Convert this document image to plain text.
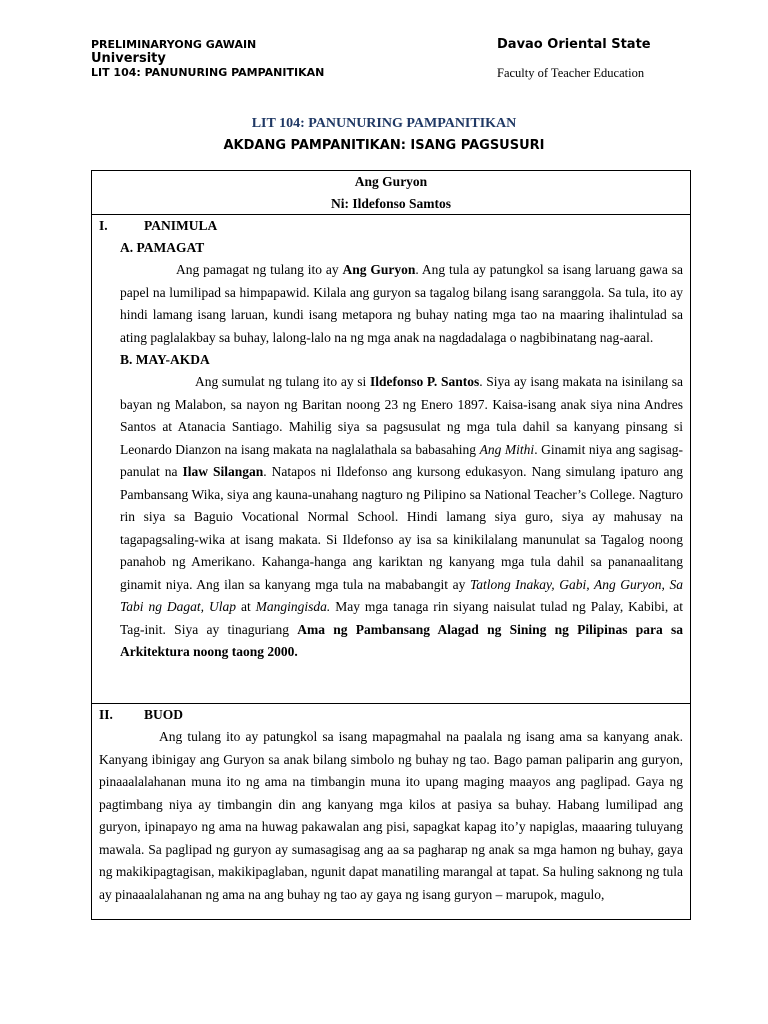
PRELIMINARYONG GAWAIN
University
LIT 104: PANUNURING PAMPANITIKAN
Davao Oriental State
Faculty of Teacher Education
LIT 104: PANUNURING PAMPANITIKAN
AKDANG PAMPANITIKAN: ISANG PAGSUSURI
Ang Guryon
Ni: Ildefonso Samtos
I.	PANIMULA
A. PAMAGAT
Ang pamagat ng tulang ito ay Ang Guryon. Ang tula ay patungkol sa isang laruang gawa sa papel na lumilipad sa himpapawid. Kilala ang guryon sa tagalog bilang isang saranggola. Sa tula, ito ay hindi lamang isang laruan, kundi isang metapora ng buhay nating mga tao na maaring ihalintulad sa ating paglalakbay sa buhay, lalong-lalo na ng mga anak na nagdadalaga o nagbibinatang nag-aaral.
B. MAY-AKDA
Ang sumulat ng tulang ito ay si Ildefonso P. Santos. Siya ay isang makata na isinilang sa bayan ng Malabon, sa nayon ng Baritan noong 23 ng Enero 1897. Kaisa-isang anak siya nina Andres Santos at Atanacia Santiago. Mahilig siya sa pagsusulat ng mga tula dahil sa kanyang pinsang si Leonardo Dianzon na isang makata na naglalathala sa babasahing Ang Mithi. Ginamit niya ang sagisag-panulat na Ilaw Silangan. Natapos ni Ildefonso ang kursong edukasyon. Nang simulang ipaturo ang Pambansang Wika, siya ang kauna-unahang nagturo ng Pilipino sa National Teacher’s College. Nagturo rin siya sa Baguio Vocational Normal School. Hindi lamang siya guro, siya ay mahusay na tagapagsaling-wika at isang makata. Si Ildefonso ay isa sa kinikilalang manunulat sa Tagalog noong panahob ng Amerikano. Kahanga-hanga ang kariktan ng kanyang mga tula dahil sa pananaalitang ginamit niya. Ang ilan sa kanyang mga tula na mababangit ay Tatlong Inakay, Gabi, Ang Guryon, Sa Tabi ng Dagat, Ulap at Mangingisda. May mga tanaga rin siyang naisulat tulad ng Palay, Kabibi, at Tag-init. Siya ay tinaguriang Ama ng Pambansang Alagad ng Sining ng Pilipinas para sa Arkitektura noong taong 2000.
II. BUOD
Ang tulang ito ay patungkol sa isang mapagmahal na paalala ng isang ama sa kanyang anak. Kanyang ibinigay ang Guryon sa anak bilang simbolo ng buhay ng tao. Bago paman paliparin ang guryon, pinaaalalahanan muna ito ng ama na timbangin muna ito upang maging maayos ang paglipad. Gaya ng pagtimbang niya ay timbangin din ang kanyang mga kilos at pasiya sa buhay. Habang lumilipad ang guryon, ipinapayo ng ama na huwag pakawalan ang pisi, sapagkat kapag ito’y napiglas, maaaring tuluyang mawala. Sa paglipad ng guryon ay sumasagisag ang aa sa pagharap ng anak sa mga hamon ng buhay, gaya ng makikipagtagisan, makikipaglaban, ngunit dapat manatiling marangal at tapat. Sa huling saknong ng tula ay pinaaalalahanan ng ama na ang buhay ng tao ay gaya ng isang guryon – marupok, magulo,
